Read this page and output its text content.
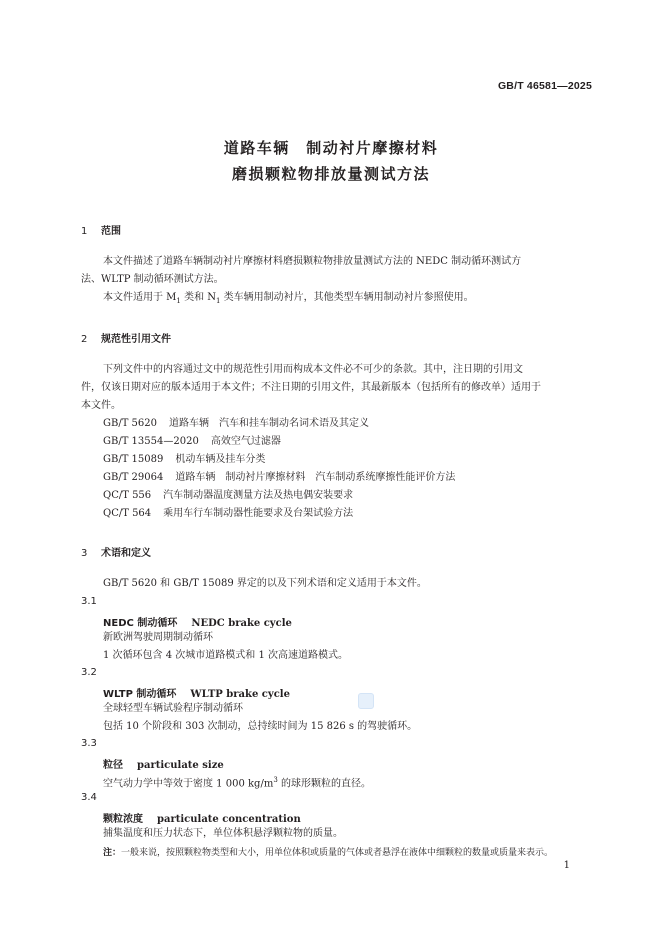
GB/T 46581—2025
道路车辆　制动衬片摩擦材料
磨损颗粒物排放量测试方法
1 范围
本文件描述了道路车辆制动衬片摩擦材料磨损颗粒物排放量测试方法的 NEDC 制动循环测试方
法、WLTP 制动循环测试方法。
本文件适用于 $M_1$ 类和 $N_1$ 类车辆用制动衬片，其他类型车辆用制动衬片参照使用。
2 规范性引用文件
下列文件中的内容通过文中的规范性引用而构成本文件必不可少的条款。其中，注日期的引用文
件，仅该日期对应的版本适用于本文件；不注日期的引用文件，其最新版本（包括所有的修改单）适用于
本文件。
GB/T 5620 道路车辆　汽车和挂车制动名词术语及其定义
GB/T 13554—2020 高效空气过滤器
GB/T 15089 机动车辆及挂车分类
GB/T 29064 道路车辆　制动衬片摩擦材料　汽车制动系统摩擦性能评价方法
QC/T 556 汽车制动器温度测量方法及热电偶安装要求
QC/T 564 乘用车行车制动器性能要求及台架试验方法
3 术语和定义
GB/T 5620 和 GB/T 15089 界定的以及下列术语和定义适用于本文件。
3.1
NEDC 制动循环 NEDC brake cycle
新欧洲驾驶周期制动循环
1 次循环包含 4 次城市道路模式和 1 次高速道路模式。
3.2
WLTP 制动循环 WLTP brake cycle
全球轻型车辆试验程序制动循环
包括 10 个阶段和 303 次制动，总持续时间为 15 826 s 的驾驶循环。
3.3
粒径 particulate size
空气动力学中等效于密度 1 000 $kg/m^3$ 的球形颗粒的直径。
3.4
颗粒浓度 particulate concentration
捕集温度和压力状态下，单位体积悬浮颗粒物的质量。
注：一般来说，按照颗粒物类型和大小，用单位体积或质量的气体或者悬浮在液体中细颗粒的数量或质量来表示。
1
